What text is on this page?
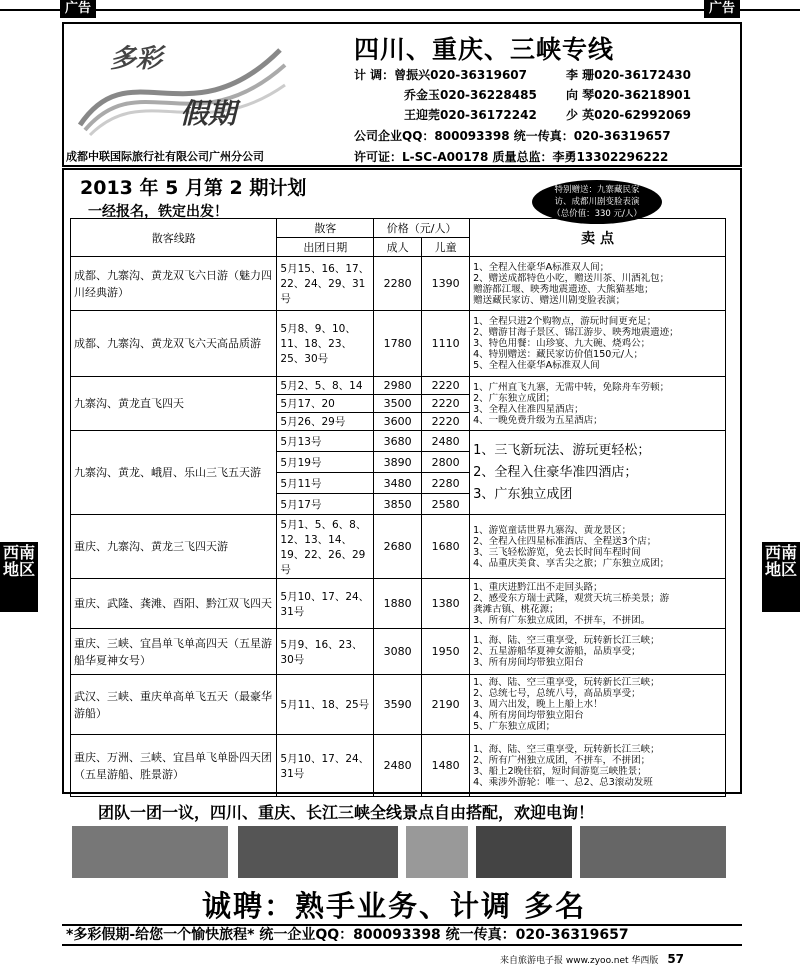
广告	广告
多彩
假期
成都中联国际旅行社有限公司广州分公司
四川、重庆、三峡专线
计 调：曾振兴020-36319607	李 珊020-36172430
乔金玉020-36228485 向 琴020-36218901
王迎莞020-36172242 少 英020-62992069
公司企业QQ：800093398 统一传真：020-36319657
许可证：L-SC-A00178 质量总监：李勇13302296222
2013 年 5 月第 2 期计划
一经报名，铁定出发！
特别赠送：九寨藏民家
访、成都川剧变脸表演
（总价值：330 元/人）
散客线路	散客	价格（元/人）		卖 点
	出团日期	成人	儿童	
成都、九寨沟、黄龙双飞六日游（魅力四川经典游）	5月15、16、17、22、24、29、31号	2280	1390	1、全程入住豪华A标准双人间；
2、赠送成都特色小吃，赠送川茶、川酒礼包；
赠游都江堰、映秀地震遗迹、大熊猫基地；
赠送藏民家访、赠送川剧变脸表演；

成都、九寨沟、黄龙双飞六天高品质游	5月8、9、10、11、18、23、25、30号	1780	1110	1、全程只进2个购物点，游玩时间更充足；
2、赠游甘海子景区、锦江游步、映秀地震遗迹；
3、特色用餐：山珍宴、九大碗、烧鸡公；
4、特别赠送：藏民家访价值150元/人；
5、全程入住豪华A标准双人间

九寨沟、黄龙直飞四天	5月2、5、8、14	2980	2220	1、广州直飞九寨，无需中转，免除舟车劳顿；
2、广东独立成团；
3、全程入住准四星酒店；
4、一晚免费升级为五星酒店；

	5月17、20	3500	2220	
	5月26、29号	3600	2220	
九寨沟、黄龙、峨眉、乐山三飞五天游	5月13号	3680	2480	1、三飞新玩法、游玩更轻松；
2、全程入住豪华准四酒店；
3、广东独立成团

	5月19号	3890	2800	
	5月11号	3480	2280	
	5月17号	3850	2580	
重庆、九寨沟、黄龙三飞四天游	5月1、5、6、8、12、13、14、19、22、26、29号	2680	1680	1、游览童话世界九寨沟、黄龙景区；
2、全程入住四星标准酒店、全程送3个店；
3、三飞轻松游览，免去长时间车程时间
4、品重庆美食、享舌尖之旅；广东独立成团；

重庆、武隆、龚滩、酉阳、黔江双飞四天	5月10、17、24、31号	1880	1380	1、重庆进黔江出不走回头路；
2、感受东方瑞士武隆，观赏天坑三桥美景；游
龚滩古镇、桃花源；
3、所有广东独立成团，不拼车，不拼团。

重庆、三峡、宜昌单飞单高四天（五星游船华夏神女号）	5月9、16、23、30号	3080	1950	1、海、陆、空三重享受，玩转新长江三峡；
2、五星游船华夏神女游船，品质享受；
3、所有房间均带独立阳台

武汉、三峡、重庆单高单飞五天（最豪华游船）	5月11、18、25号	3590	2190	1、海、陆、空三重享受，玩转新长江三峡；
2、总统七号，总统八号，高品质享受；
3、周六出发，晚上上船上水！
4、所有房间均带独立阳台
5、广东独立成团；

重庆、万洲、三峡、宜昌单飞单卧四天团（五星游船、胜景游）	5月10、17、24、31号	2480	1480	1、海、陆、空三重享受，玩转新长江三峡；
2、所有广州独立成团，不拼车，不拼团；
3、船上2晚住宿，短时间游览三峡胜景；
4、乘涉外游轮：唯一、总2、总3滚动发班
西南地区
西南地区
团队一团一议，四川、重庆、长江三峡全线景点自由搭配，欢迎电询！
诚聘：熟手业务、计调 多名
*多彩假期-给您一个愉快旅程* 统一企业QQ：800093398 统一传真：020-36319657
来自旅游电子报 www.zyoo.net 华西版 57
